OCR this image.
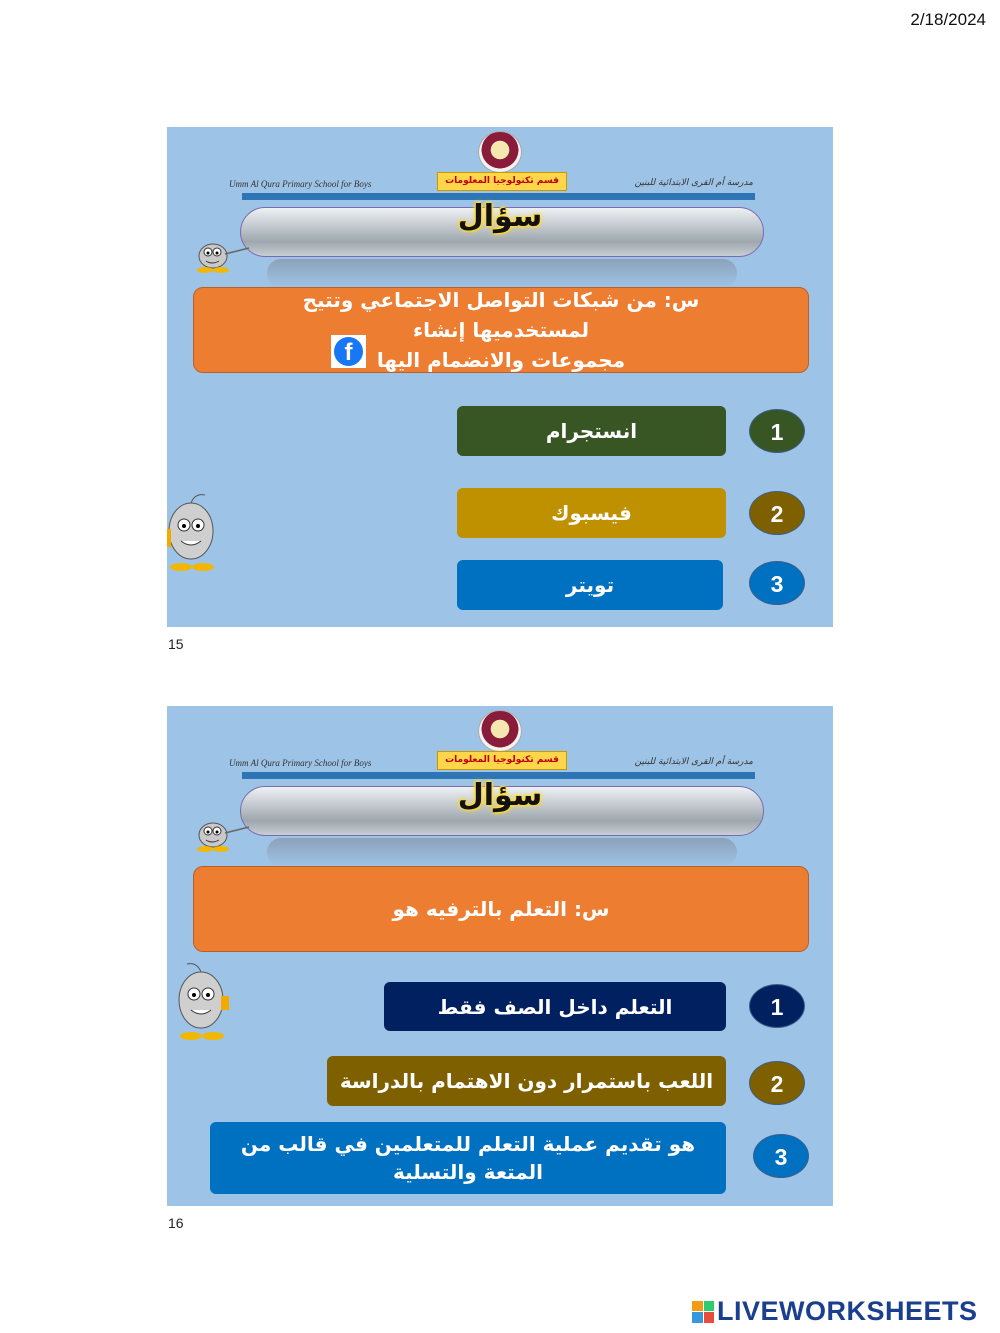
2/18/2024
Umm Al Qura Primary School for Boys	قسم تكنولوجيا المعلومات	مدرسة أم القرى الابتدائية للبنين
سؤال
س: من شبكات التواصل الاجتماعي وتتيح لمستخدميها إنشاء
مجموعات والانضمام اليها
f
انستجرام	1
فيسبوك	2
تويتر	3
15
Umm Al Qura Primary School for Boys	قسم تكنولوجيا المعلومات	مدرسة أم القرى الابتدائية للبنين
سؤال
س: التعلم بالترفيه هو
التعلم داخل الصف فقط	1
اللعب باستمرار دون الاهتمام بالدراسة	2
هو تقديم عملية التعلم للمتعلمين في قالب من المتعة والتسلية
3
16
LIVEWORKSHEETS
